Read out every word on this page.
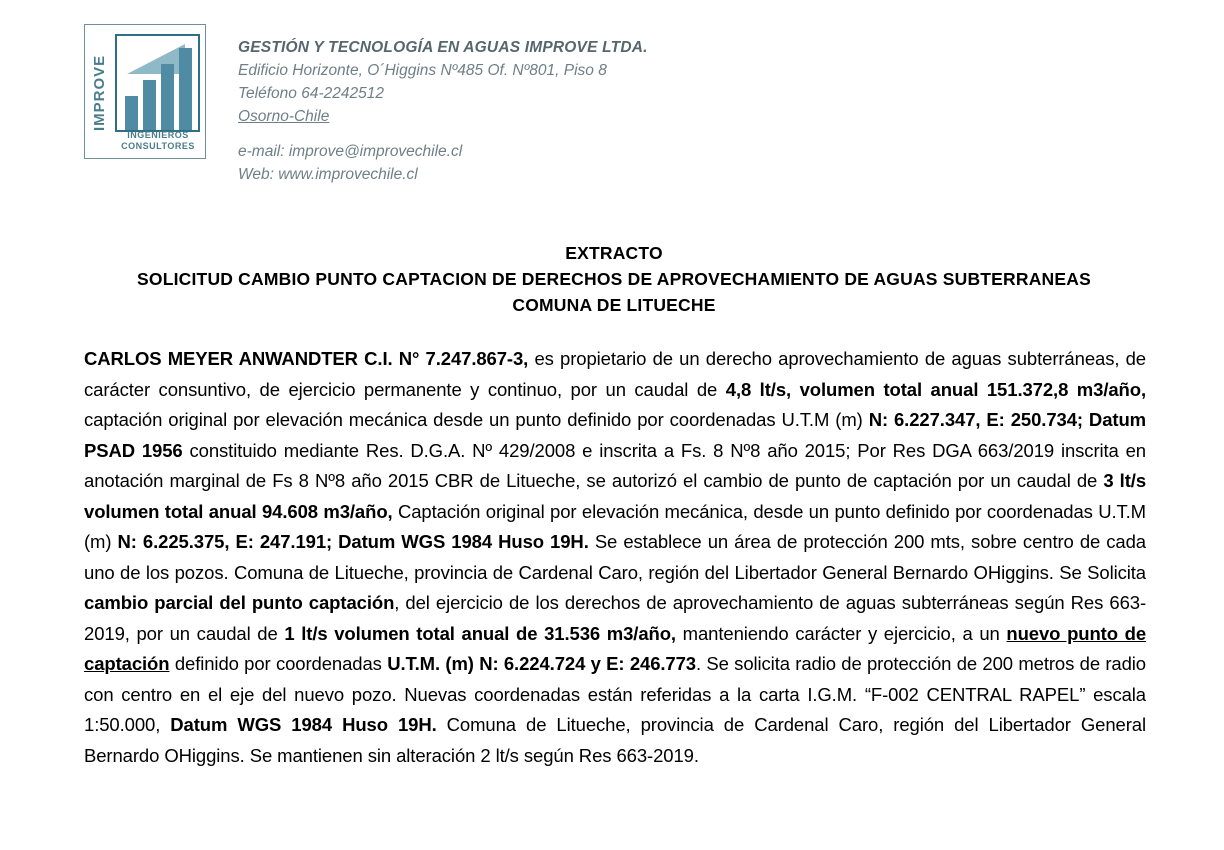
IMPROVE
INGENIEROS
CONSULTORES
GESTIÓN Y TECNOLOGÍA EN AGUAS IMPROVE LTDA.
Edificio Horizonte, O´Higgins Nº485 Of. Nº801, Piso 8
Teléfono 64-2242512
Osorno-Chile
e-mail: improve@improvechile.cl
Web: www.improvechile.cl
EXTRACTO
SOLICITUD CAMBIO PUNTO CAPTACION DE DERECHOS DE APROVECHAMIENTO DE AGUAS SUBTERRANEAS
COMUNA DE LITUECHE
CARLOS MEYER ANWANDTER C.I. N° 7.247.867-3, es propietario de un derecho aprovechamiento de aguas subterráneas, de carácter consuntivo, de ejercicio permanente y continuo, por un caudal de 4,8 lt/s, volumen total anual 151.372,8 m3/año, captación original por elevación mecánica desde un punto definido por coordenadas U.T.M (m) N: 6.227.347, E: 250.734; Datum PSAD 1956 constituido mediante Res. D.G.A. Nº 429/2008 e inscrita a Fs. 8 Nº8 año 2015; Por Res DGA 663/2019 inscrita en anotación marginal de Fs 8 Nº8 año 2015 CBR de Litueche, se autorizó el cambio de punto de captación por un caudal de 3 lt/s volumen total anual 94.608 m3/año, Captación original por elevación mecánica, desde un punto definido por coordenadas U.T.M (m) N: 6.225.375, E: 247.191; Datum WGS 1984 Huso 19H. Se establece un área de protección 200 mts, sobre centro de cada uno de los pozos. Comuna de Litueche, provincia de Cardenal Caro, región del Libertador General Bernardo OHiggins. Se Solicita cambio parcial del punto captación, del ejercicio de los derechos de aprovechamiento de aguas subterráneas según Res 663-2019, por un caudal de 1 lt/s volumen total anual de 31.536 m3/año, manteniendo carácter y ejercicio, a un nuevo punto de captación definido por coordenadas U.T.M. (m) N: 6.224.724 y E: 246.773. Se solicita radio de protección de 200 metros de radio con centro en el eje del nuevo pozo. Nuevas coordenadas están referidas a la carta I.G.M. “F-002 CENTRAL RAPEL” escala 1:50.000, Datum WGS 1984 Huso 19H. Comuna de Litueche, provincia de Cardenal Caro, región del Libertador General Bernardo OHiggins. Se mantienen sin alteración 2 lt/s según Res 663-2019.
